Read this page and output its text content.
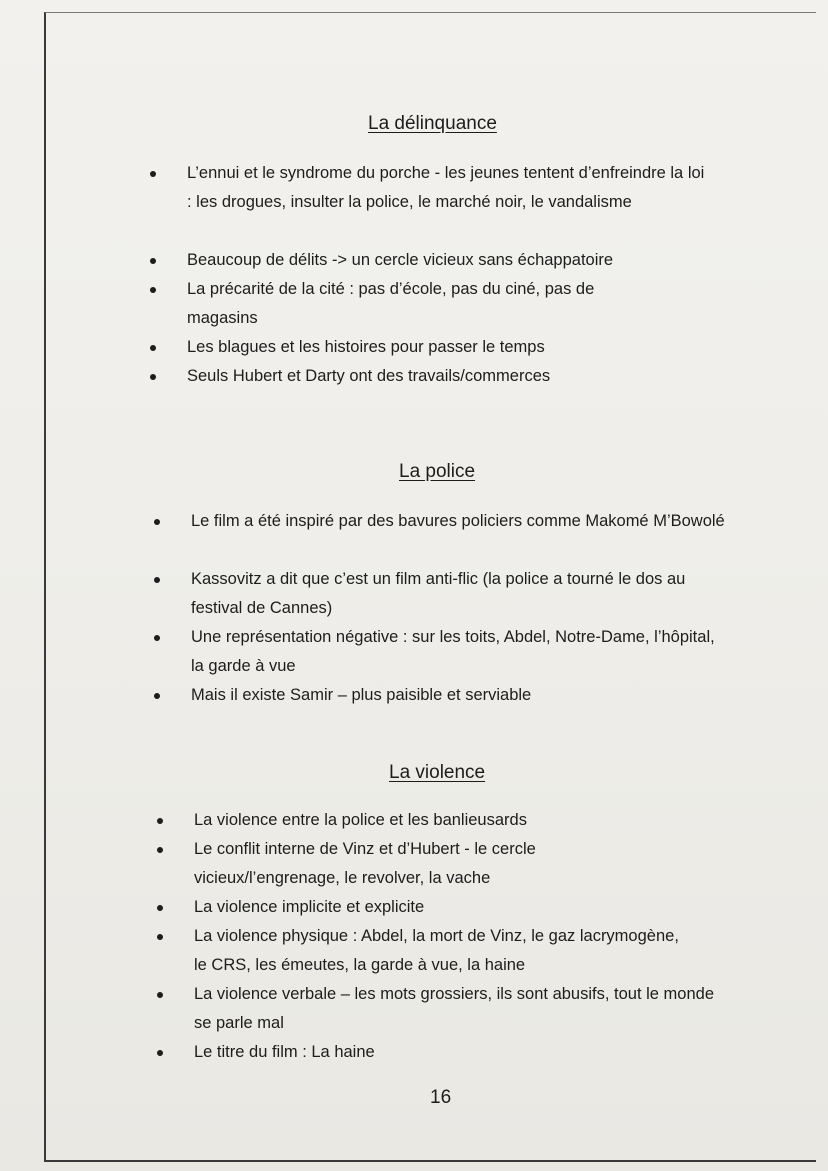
La délinquance
L’ennui et le syndrome du porche - les jeunes tentent d’enfreindre la loi : les drogues, insulter la police, le marché noir, le vandalisme
Beaucoup de délits -> un cercle vicieux sans échappatoire
La précarité de la cité : pas d’école, pas du ciné, pas de magasins
Les blagues et les histoires pour passer le temps
Seuls Hubert et Darty ont des travails/commerces
La police
Le film a été inspiré par des bavures policiers comme Makomé M’Bowolé
Kassovitz a dit que c’est un film anti-flic (la police a tourné le dos au festival de Cannes)
Une représentation négative : sur les toits, Abdel, Notre-Dame, l’hôpital, la garde à vue
Mais il existe Samir – plus paisible et serviable
La violence
La violence entre la police et les banlieusards
Le conflit interne de Vinz et d’Hubert - le cercle vicieux/l’engrenage, le revolver, la vache
La violence implicite et explicite
La violence physique : Abdel, la mort de Vinz, le gaz lacrymogène, le CRS, les émeutes, la garde à vue, la haine
La violence verbale – les mots grossiers, ils sont abusifs, tout le monde se parle mal
Le titre du film : La haine
16
